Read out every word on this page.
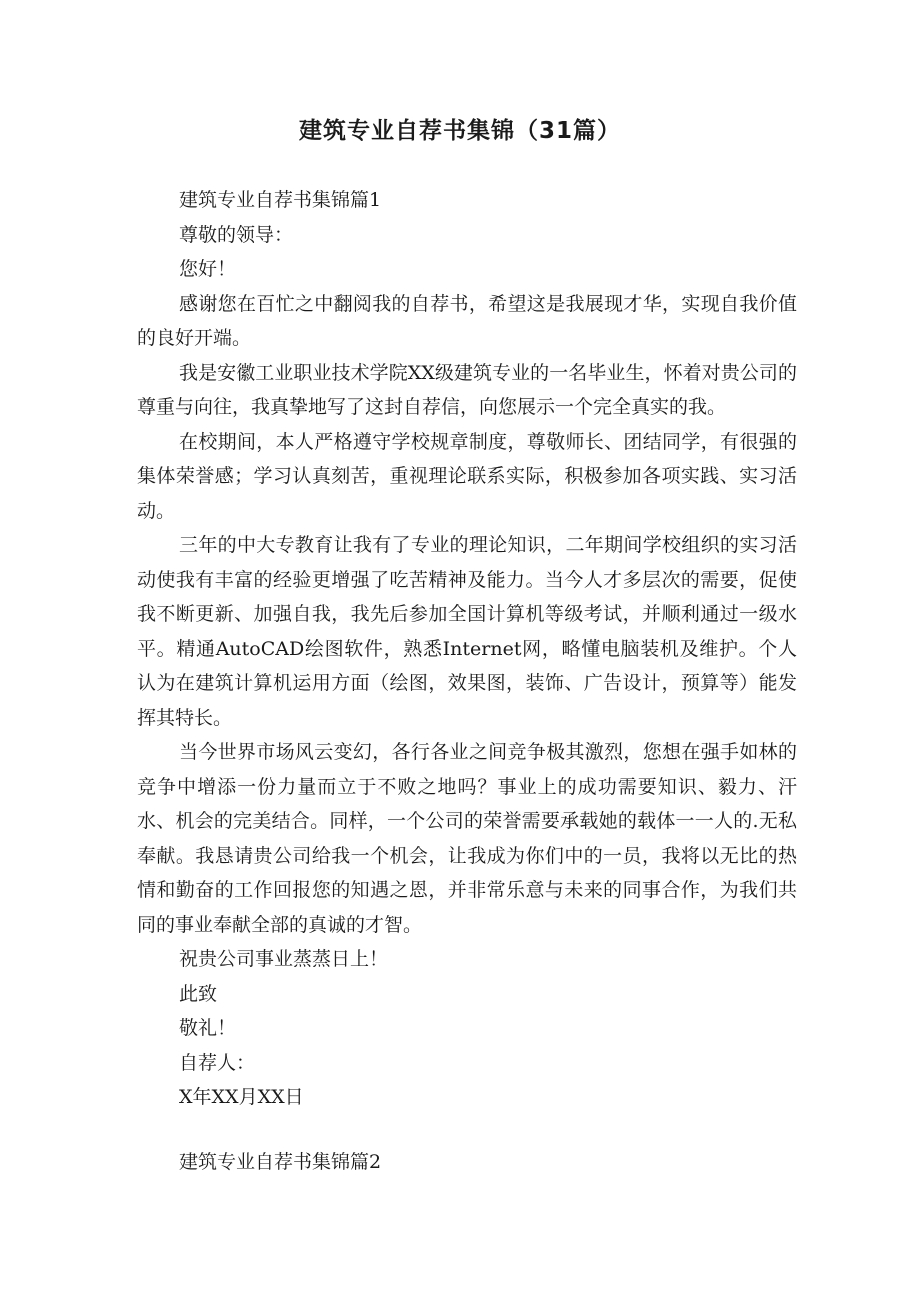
建筑专业自荐书集锦（31篇）

建筑专业自荐书集锦篇1

尊敬的领导：

您好！

感谢您在百忙之中翻阅我的自荐书，希望这是我展现才华，实现自我价值的良好开端。

我是安徽工业职业技术学院XX级建筑专业的一名毕业生，怀着对贵公司的尊重与向往，我真挚地写了这封自荐信，向您展示一个完全真实的我。

在校期间，本人严格遵守学校规章制度，尊敬师长、团结同学，有很强的集体荣誉感；学习认真刻苦，重视理论联系实际，积极参加各项实践、实习活动。

三年的中大专教育让我有了专业的理论知识，二年期间学校组织的实习活动使我有丰富的经验更增强了吃苦精神及能力。当今人才多层次的需要，促使我不断更新、加强自我，我先后参加全国计算机等级考试，并顺利通过一级水平。精通AutoCAD绘图软件，熟悉Internet网，略懂电脑装机及维护。个人认为在建筑计算机运用方面（绘图，效果图，装饰、广告设计，预算等）能发挥其特长。

当今世界市场风云变幻，各行各业之间竞争极其激烈，您想在强手如林的竞争中增添一份力量而立于不败之地吗？事业上的成功需要知识、毅力、汗水、机会的完美结合。同样，一个公司的荣誉需要承载她的载体一一人的.无私奉献。我恳请贵公司给我一个机会，让我成为你们中的一员，我将以无比的热情和勤奋的工作回报您的知遇之恩，并非常乐意与未来的同事合作，为我们共同的事业奉献全部的真诚的才智。

祝贵公司事业蒸蒸日上！

此致

敬礼！

自荐人：

X年XX月XX日

建筑专业自荐书集锦篇2
